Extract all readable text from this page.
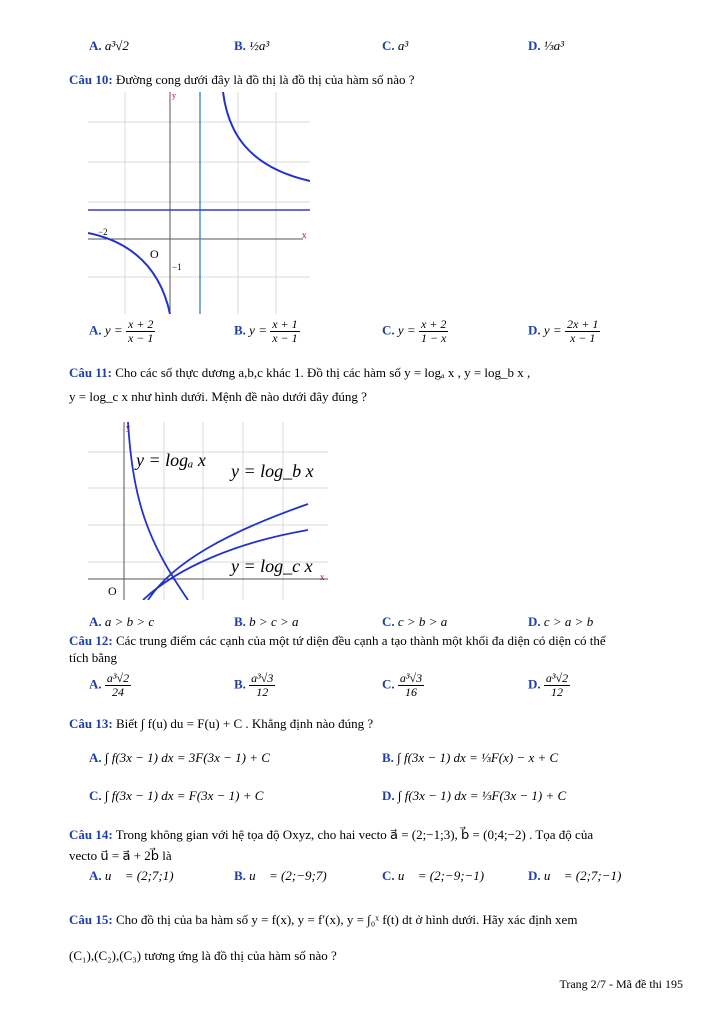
A. a³√2	B. ½a³	C. a³	D. ⅓a³
Câu 10: Đường cong dưới đây là đồ thị là đồ thị của hàm số nào ?
y
x
−2
−1
O
A. $y = \frac{x + 2}{x - 1}$	B. $y = \frac{x + 1}{x - 1}$	C. $y = \frac{x + 2}{1 - x}$	D. $y = \frac{2x + 1}{x - 1}$
Câu 11: Cho các số thực dương a,b,c khác 1. Đồ thị các hàm số y = logₐ x , y = log_b x ,
y = log_c x như hình dưới. Mệnh đề nào dưới đây đúng ?
y
x
O
y = logₐ x
y = log_b x
y = log_c x
A. a > b > c	B. b > c > a	C. c > b > a	D. c > a > b
Câu 12: Các trung điểm các cạnh của một tứ diện đều cạnh a tạo thành một khối đa diện có diện có thể
tích bằng
A. $\frac{\text{a³√2}}{24}$	B. $\frac{\text{a³√3}}{12}$	C. $\frac{\text{a³√3}}{16}$	D. $\frac{\text{a³√2}}{12}$
Câu 13: Biết ∫ f(u) du = F(u) + C . Khẳng định nào đúng ?
A. ∫ f(3x − 1) dx = 3F(3x − 1) + C	B. ∫ f(3x − 1) dx = ⅓F(x) − x + C
C. ∫ f(3x − 1) dx = F(3x − 1) + C	D. ∫ f(3x − 1) dx = ⅓F(3x − 1) + C
Câu 14: Trong không gian với hệ tọa độ Oxyz, cho hai vecto a⃗ = (2;−1;3), b⃗ = (0;4;−2) . Tọa độ của
vecto u⃗ = a⃗ + 2b⃗ là
A. u⃗ = (2;7;1)	B. u⃗ = (2;−9;7)	C. u⃗ = (2;−9;−1)	D. u⃗ = (2;7;−1)
Câu 15: Cho đồ thị của ba hàm số y = f(x), y = f′(x), y = ∫₀ˣ f(t) dt ở hình dưới. Hãy xác định xem
(C₁),(C₂),(C₃) tương ứng là đồ thị của hàm số nào ?
Trang 2/7 - Mã đề thi 195
